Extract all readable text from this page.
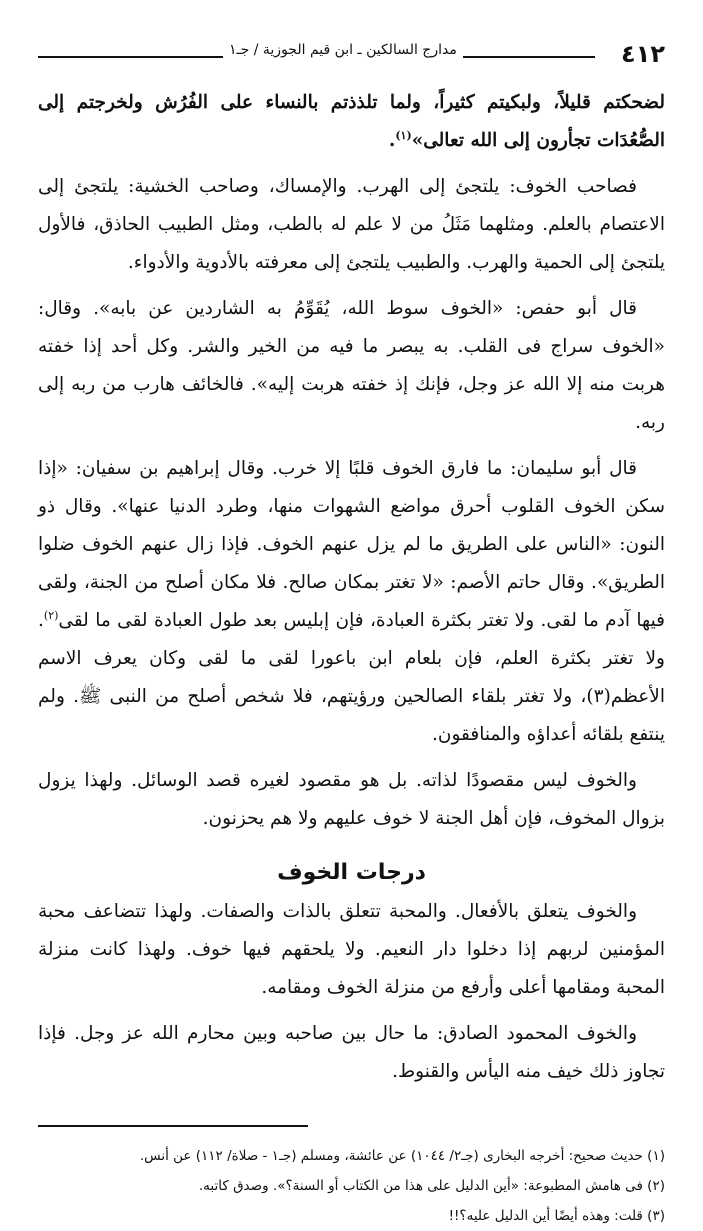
٤١٢
مدارج السالكين ـ ابن قيم الجوزية / جـ١

لضحكتم قليلاً، ولبكيتم كثيراً، ولما تلذذتم بالنساء على الفُرُش ولخرجتم إلى الصُّعُدَات تجأرون إلى الله تعالى»$^{(١)}$.

فصاحب الخوف: يلتجئ إلى الهرب. والإمساك، وصاحب الخشية: يلتجئ إلى الاعتصام بالعلم. ومثلهما مَثَلُ من لا علم له بالطب، ومثل الطبيب الحاذق، فالأول يلتجئ إلى الحمية والهرب. والطبيب يلتجئ إلى معرفته بالأدوية والأدواء.

قال أبو حفص: «الخوف سوط الله، يُقَوِّمُ به الشاردين عن بابه». وقال: «الخوف سراج فى القلب. به يبصر ما فيه من الخير والشر. وكل أحد إذا خفته هربت منه إلا الله عز وجل، فإنك إذ خفته هربت إليه». فالخائف هارب من ربه إلى ربه.

قال أبو سليمان: ما فارق الخوف قلبًا إلا خرب. وقال إبراهيم بن سفيان: «إذا سكن الخوف القلوب أحرق مواضع الشهوات منها، وطرد الدنيا عنها». وقال ذو النون: «الناس على الطريق ما لم يزل عنهم الخوف. فإذا زال عنهم الخوف ضلوا الطريق». وقال حاتم الأصم: «لا تغتر بمكان صالح. فلا مكان أصلح من الجنة، ولقى فيها آدم ما لقى. ولا تغتر بكثرة العبادة، فإن إبليس بعد طول العبادة لقى ما لقى$^{(٢)}$. ولا تغتر بكثرة العلم، فإن بلعام ابن باعورا لقى ما لقى وكان يعرف الاسم الأعظم(٣)، ولا تغتر بلقاء الصالحين ورؤيتهم، فلا شخص أصلح من النبى ﷺ. ولم ينتفع بلقائه أعداؤه والمنافقون.

والخوف ليس مقصودًا لذاته. بل هو مقصود لغيره قصد الوسائل. ولهذا يزول بزوال المخوف، فإن أهل الجنة لا خوف عليهم ولا هم يحزنون.

درجات الخوف

والخوف يتعلق بالأفعال. والمحبة تتعلق بالذات والصفات. ولهذا تتضاعف محبة المؤمنين لربهم إذا دخلوا دار النعيم. ولا يلحقهم فيها خوف. ولهذا كانت منزلة المحبة ومقامها أعلى وأرفع من منزلة الخوف ومقامه.

والخوف المحمود الصادق: ما حال بين صاحبه وبين محارم الله عز وجل. فإذا تجاوز ذلك خيف منه اليأس والقنوط.

(١) حديث صحيح: أخرجه البخارى (جـ٢/ ١٠٤٤) عن عائشة، ومسلم (جـ١ - صلاة/ ١١٢) عن أنس.

(٢) فى هامش المطبوعة: «أين الدليل على هذا من الكتاب أو السنة؟». وصدق كاتبه.

(٣) قلت: وهذه أيضًا أين الدليل عليه؟!!
